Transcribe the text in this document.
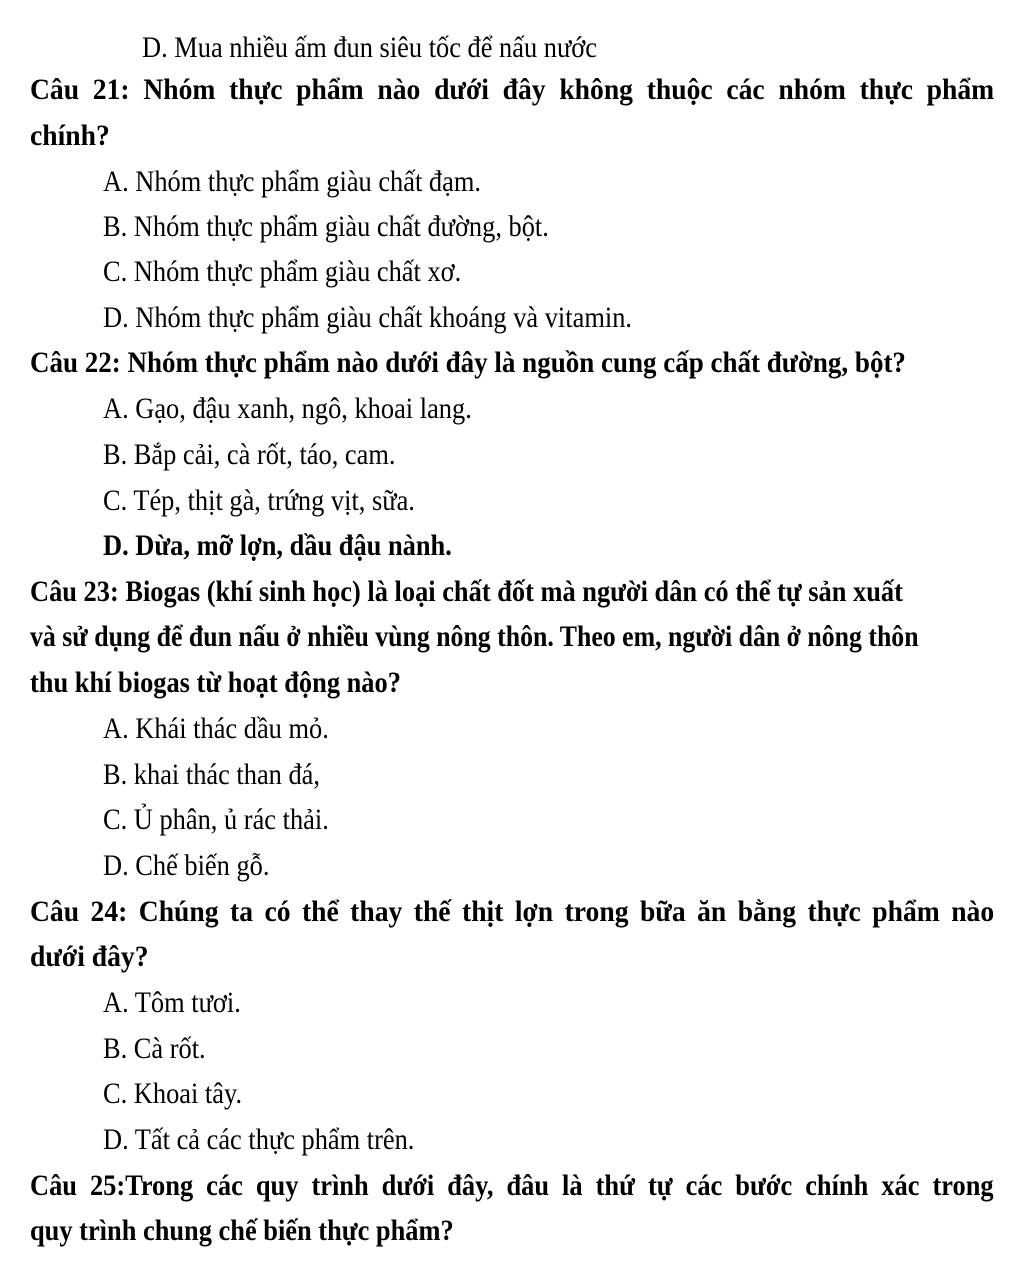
D. Mua nhiều ấm đun siêu tốc để nấu nước
Câu 21: Nhóm thực phẩm nào dưới đây không thuộc các nhóm thực phẩm
chính?
A. Nhóm thực phẩm giàu chất đạm.
B. Nhóm thực phẩm giàu chất đường, bột.
C. Nhóm thực phẩm giàu chất xơ.
D. Nhóm thực phẩm giàu chất khoáng và vitamin.
Câu 22: Nhóm thực phẩm nào dưới đây là nguồn cung cấp chất đường, bột?
A. Gạo, đậu xanh, ngô, khoai lang.
B. Bắp cải, cà rốt, táo, cam.
C. Tép, thịt gà, trứng vịt, sữa.
D. Dừa, mỡ lợn, dầu đậu nành.
Câu 23: Biogas (khí sinh học) là loại chất đốt mà người dân có thể tự sản xuất
và sử dụng để đun nấu ở nhiều vùng nông thôn. Theo em, người dân ở nông thôn
thu khí biogas từ hoạt động nào?
A. Khái thác dầu mỏ.
B. khai thác than đá,
C. Ủ phân, ủ rác thải.
D. Chế biến gỗ.
Câu 24: Chúng ta có thể thay thế thịt lợn trong bữa ăn bằng thực phẩm nào
dưới đây?
A. Tôm tươi.
B. Cà rốt.
C. Khoai tây.
D. Tất cả các thực phẩm trên.
Câu 25:Trong các quy trình dưới đây, đâu là thứ tự các bước chính xác trong
quy trình chung chế biến thực phẩm?
